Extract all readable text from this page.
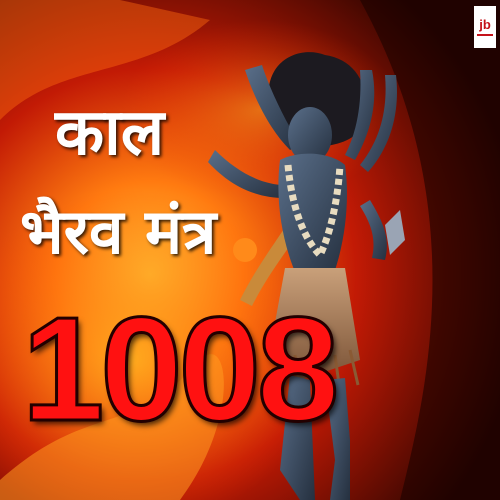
काल
भैरव मंत्र
1008
jb
